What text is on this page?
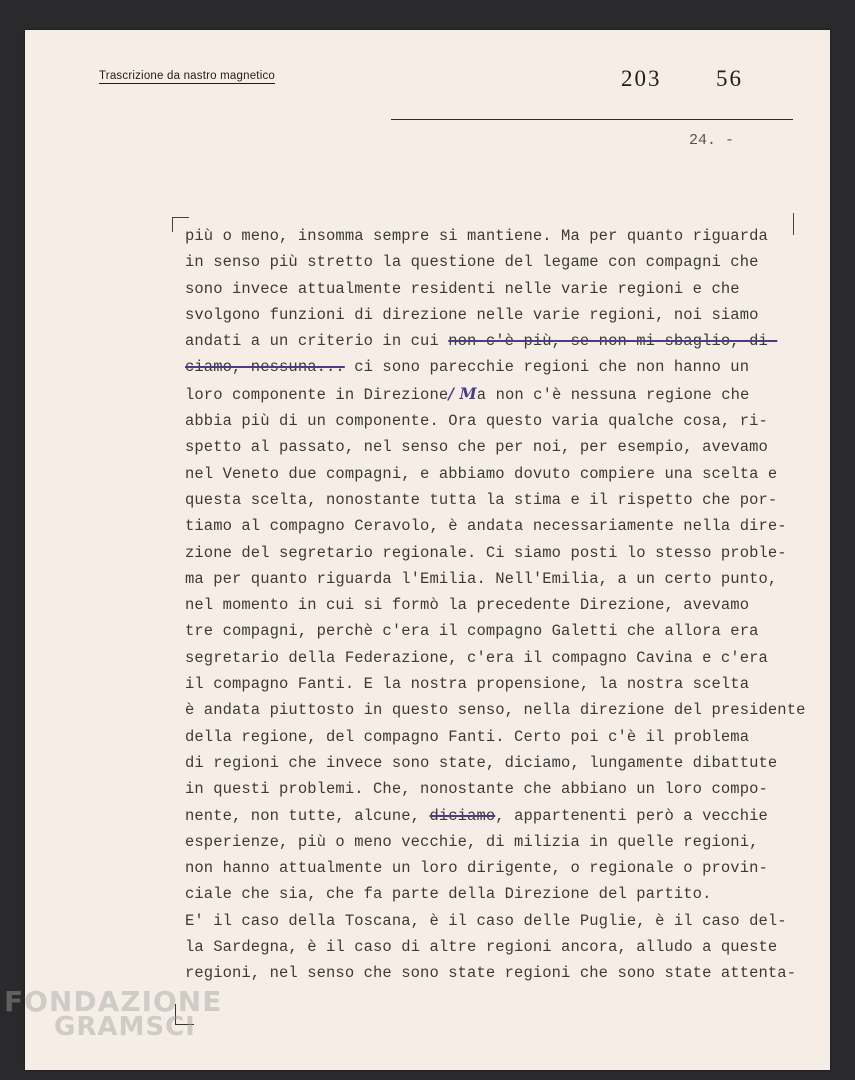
Trascrizione da nastro magnetico	203 56
24. -
più o meno, insomma sempre si mantiene. Ma per quanto riguarda
in senso più stretto la questione del legame con compagni che
sono invece attualmente residenti nelle varie regioni e che
svolgono funzioni di direzione nelle varie regioni, noi siamo
andati a un criterio in cui non c'è più, se non mi sbaglio, di-
ciamo, nessuna... ci sono parecchie regioni che non hanno un
loro componente in Direzione/ Ma non c'è nessuna regione che
abbia più di un componente. Ora questo varia qualche cosa, ri-
spetto al passato, nel senso che per noi, per esempio, avevamo
nel Veneto due compagni, e abbiamo dovuto compiere una scelta e
questa scelta, nonostante tutta la stima e il rispetto che por-
tiamo al compagno Ceravolo, è andata necessariamente nella dire-
zione del segretario regionale. Ci siamo posti lo stesso proble-
ma per quanto riguarda l'Emilia. Nell'Emilia, a un certo punto,
nel momento in cui si formò la precedente Direzione, avevamo
tre compagni, perchè c'era il compagno Galetti che allora era
segretario della Federazione, c'era il compagno Cavina e c'era
il compagno Fanti. E la nostra propensione, la nostra scelta
è andata piuttosto in questo senso, nella direzione del presidente
della regione, del compagno Fanti. Certo poi c'è il problema
di regioni che invece sono state, diciamo, lungamente dibattute
in questi problemi. Che, nonostante che abbiano un loro compo-
nente, non tutte, alcune, diciamo, appartenenti però a vecchie
esperienze, più o meno vecchie, di milizia in quelle regioni,
non hanno attualmente un loro dirigente, o regionale o provin-
ciale che sia, che fa parte della Direzione del partito.
E' il caso della Toscana, è il caso delle Puglie, è il caso del-
la Sardegna, è il caso di altre regioni ancora, alludo a queste
regioni, nel senso che sono state regioni che sono state attenta-
FONDAZIONE
GRAMSCI
